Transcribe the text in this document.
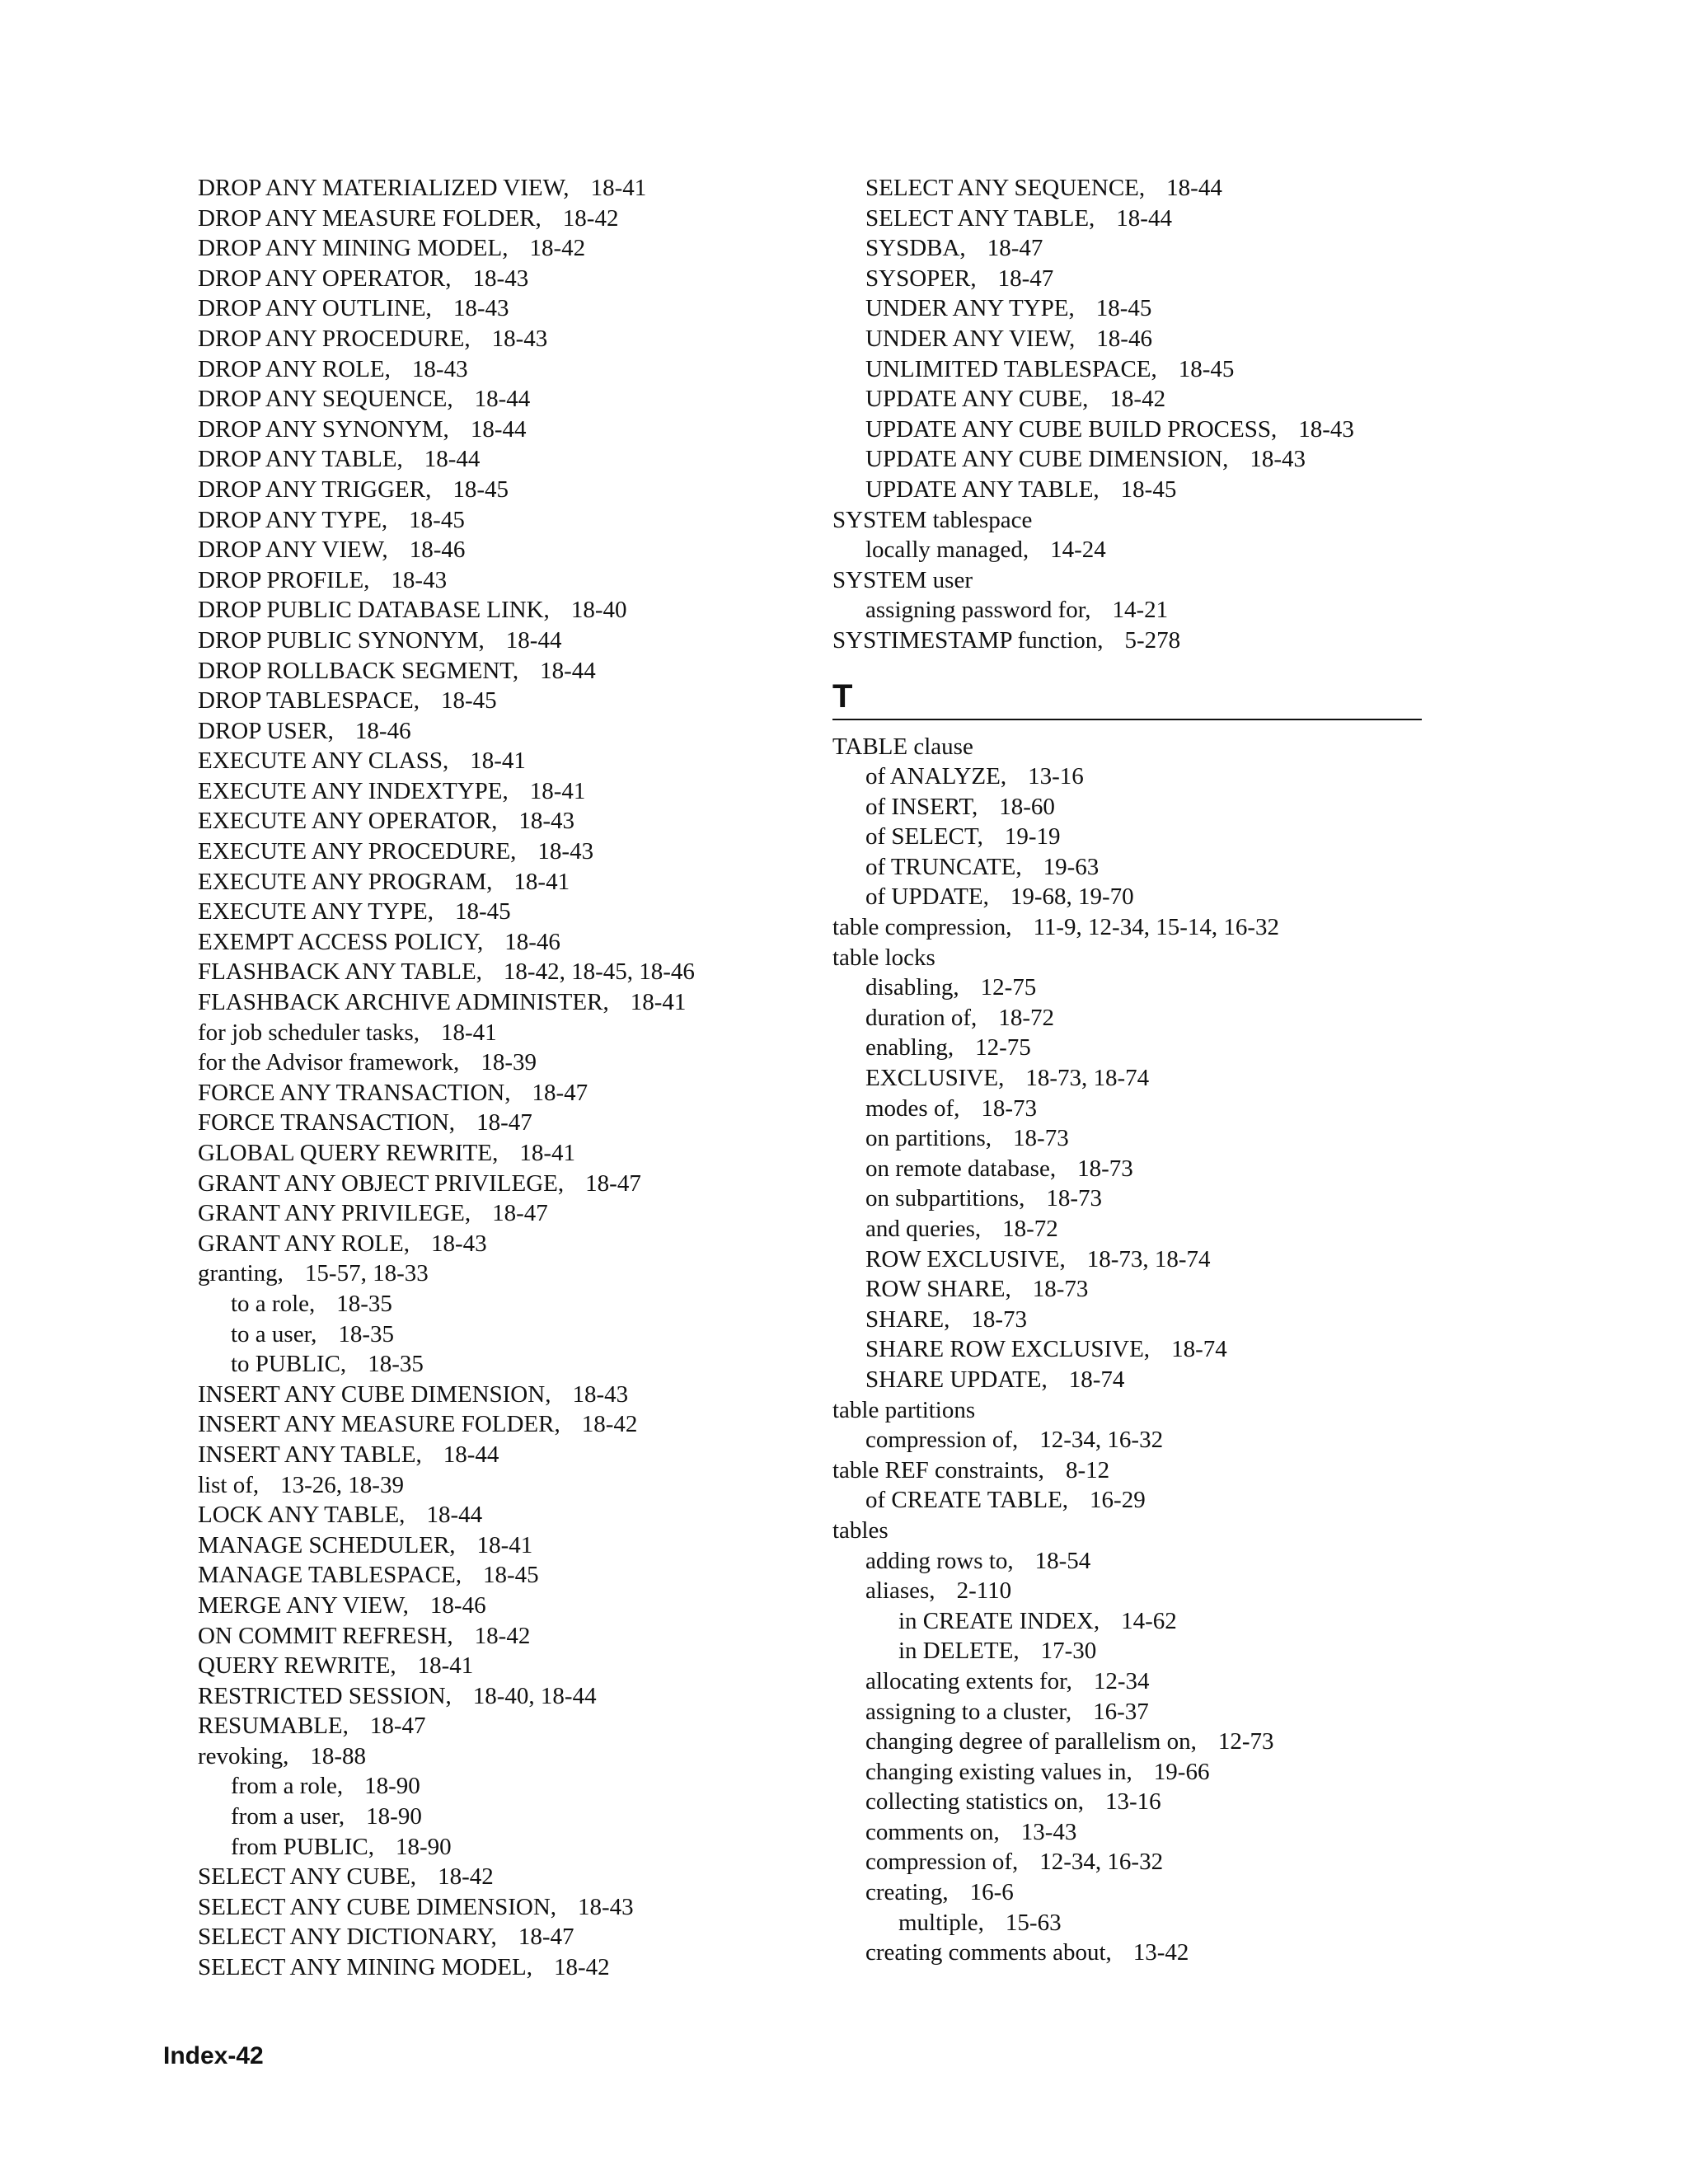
DROP ANY MATERIALIZED VIEW, 18-41
DROP ANY MEASURE FOLDER, 18-42
DROP ANY MINING MODEL, 18-42
DROP ANY OPERATOR, 18-43
DROP ANY OUTLINE, 18-43
DROP ANY PROCEDURE, 18-43
DROP ANY ROLE, 18-43
DROP ANY SEQUENCE, 18-44
DROP ANY SYNONYM, 18-44
DROP ANY TABLE, 18-44
DROP ANY TRIGGER, 18-45
DROP ANY TYPE, 18-45
DROP ANY VIEW, 18-46
DROP PROFILE, 18-43
DROP PUBLIC DATABASE LINK, 18-40
DROP PUBLIC SYNONYM, 18-44
DROP ROLLBACK SEGMENT, 18-44
DROP TABLESPACE, 18-45
DROP USER, 18-46
EXECUTE ANY CLASS, 18-41
EXECUTE ANY INDEXTYPE, 18-41
EXECUTE ANY OPERATOR, 18-43
EXECUTE ANY PROCEDURE, 18-43
EXECUTE ANY PROGRAM, 18-41
EXECUTE ANY TYPE, 18-45
EXEMPT ACCESS POLICY, 18-46
FLASHBACK ANY TABLE, 18-42, 18-45, 18-46
FLASHBACK ARCHIVE ADMINISTER, 18-41
for job scheduler tasks, 18-41
for the Advisor framework, 18-39
FORCE ANY TRANSACTION, 18-47
FORCE TRANSACTION, 18-47
GLOBAL QUERY REWRITE, 18-41
GRANT ANY OBJECT PRIVILEGE, 18-47
GRANT ANY PRIVILEGE, 18-47
GRANT ANY ROLE, 18-43
granting, 15-57, 18-33
to a role, 18-35
to a user, 18-35
to PUBLIC, 18-35
INSERT ANY CUBE DIMENSION, 18-43
INSERT ANY MEASURE FOLDER, 18-42
INSERT ANY TABLE, 18-44
list of, 13-26, 18-39
LOCK ANY TABLE, 18-44
MANAGE SCHEDULER, 18-41
MANAGE TABLESPACE, 18-45
MERGE ANY VIEW, 18-46
ON COMMIT REFRESH, 18-42
QUERY REWRITE, 18-41
RESTRICTED SESSION, 18-40, 18-44
RESUMABLE, 18-47
revoking, 18-88
from a role, 18-90
from a user, 18-90
from PUBLIC, 18-90
SELECT ANY CUBE, 18-42
SELECT ANY CUBE DIMENSION, 18-43
SELECT ANY DICTIONARY, 18-47
SELECT ANY MINING MODEL, 18-42
SELECT ANY SEQUENCE, 18-44
SELECT ANY TABLE, 18-44
SYSDBA, 18-47
SYSOPER, 18-47
UNDER ANY TYPE, 18-45
UNDER ANY VIEW, 18-46
UNLIMITED TABLESPACE, 18-45
UPDATE ANY CUBE, 18-42
UPDATE ANY CUBE BUILD PROCESS, 18-43
UPDATE ANY CUBE DIMENSION, 18-43
UPDATE ANY TABLE, 18-45
SYSTEM tablespace
locally managed, 14-24
SYSTEM user
assigning password for, 14-21
SYSTIMESTAMP function, 5-278
T
TABLE clause
of ANALYZE, 13-16
of INSERT, 18-60
of SELECT, 19-19
of TRUNCATE, 19-63
of UPDATE, 19-68, 19-70
table compression, 11-9, 12-34, 15-14, 16-32
table locks
disabling, 12-75
duration of, 18-72
enabling, 12-75
EXCLUSIVE, 18-73, 18-74
modes of, 18-73
on partitions, 18-73
on remote database, 18-73
on subpartitions, 18-73
and queries, 18-72
ROW EXCLUSIVE, 18-73, 18-74
ROW SHARE, 18-73
SHARE, 18-73
SHARE ROW EXCLUSIVE, 18-74
SHARE UPDATE, 18-74
table partitions
compression of, 12-34, 16-32
table REF constraints, 8-12
of CREATE TABLE, 16-29
tables
adding rows to, 18-54
aliases, 2-110
in CREATE INDEX, 14-62
in DELETE, 17-30
allocating extents for, 12-34
assigning to a cluster, 16-37
changing degree of parallelism on, 12-73
changing existing values in, 19-66
collecting statistics on, 13-16
comments on, 13-43
compression of, 12-34, 16-32
creating, 16-6
multiple, 15-63
creating comments about, 13-42
Index-42
